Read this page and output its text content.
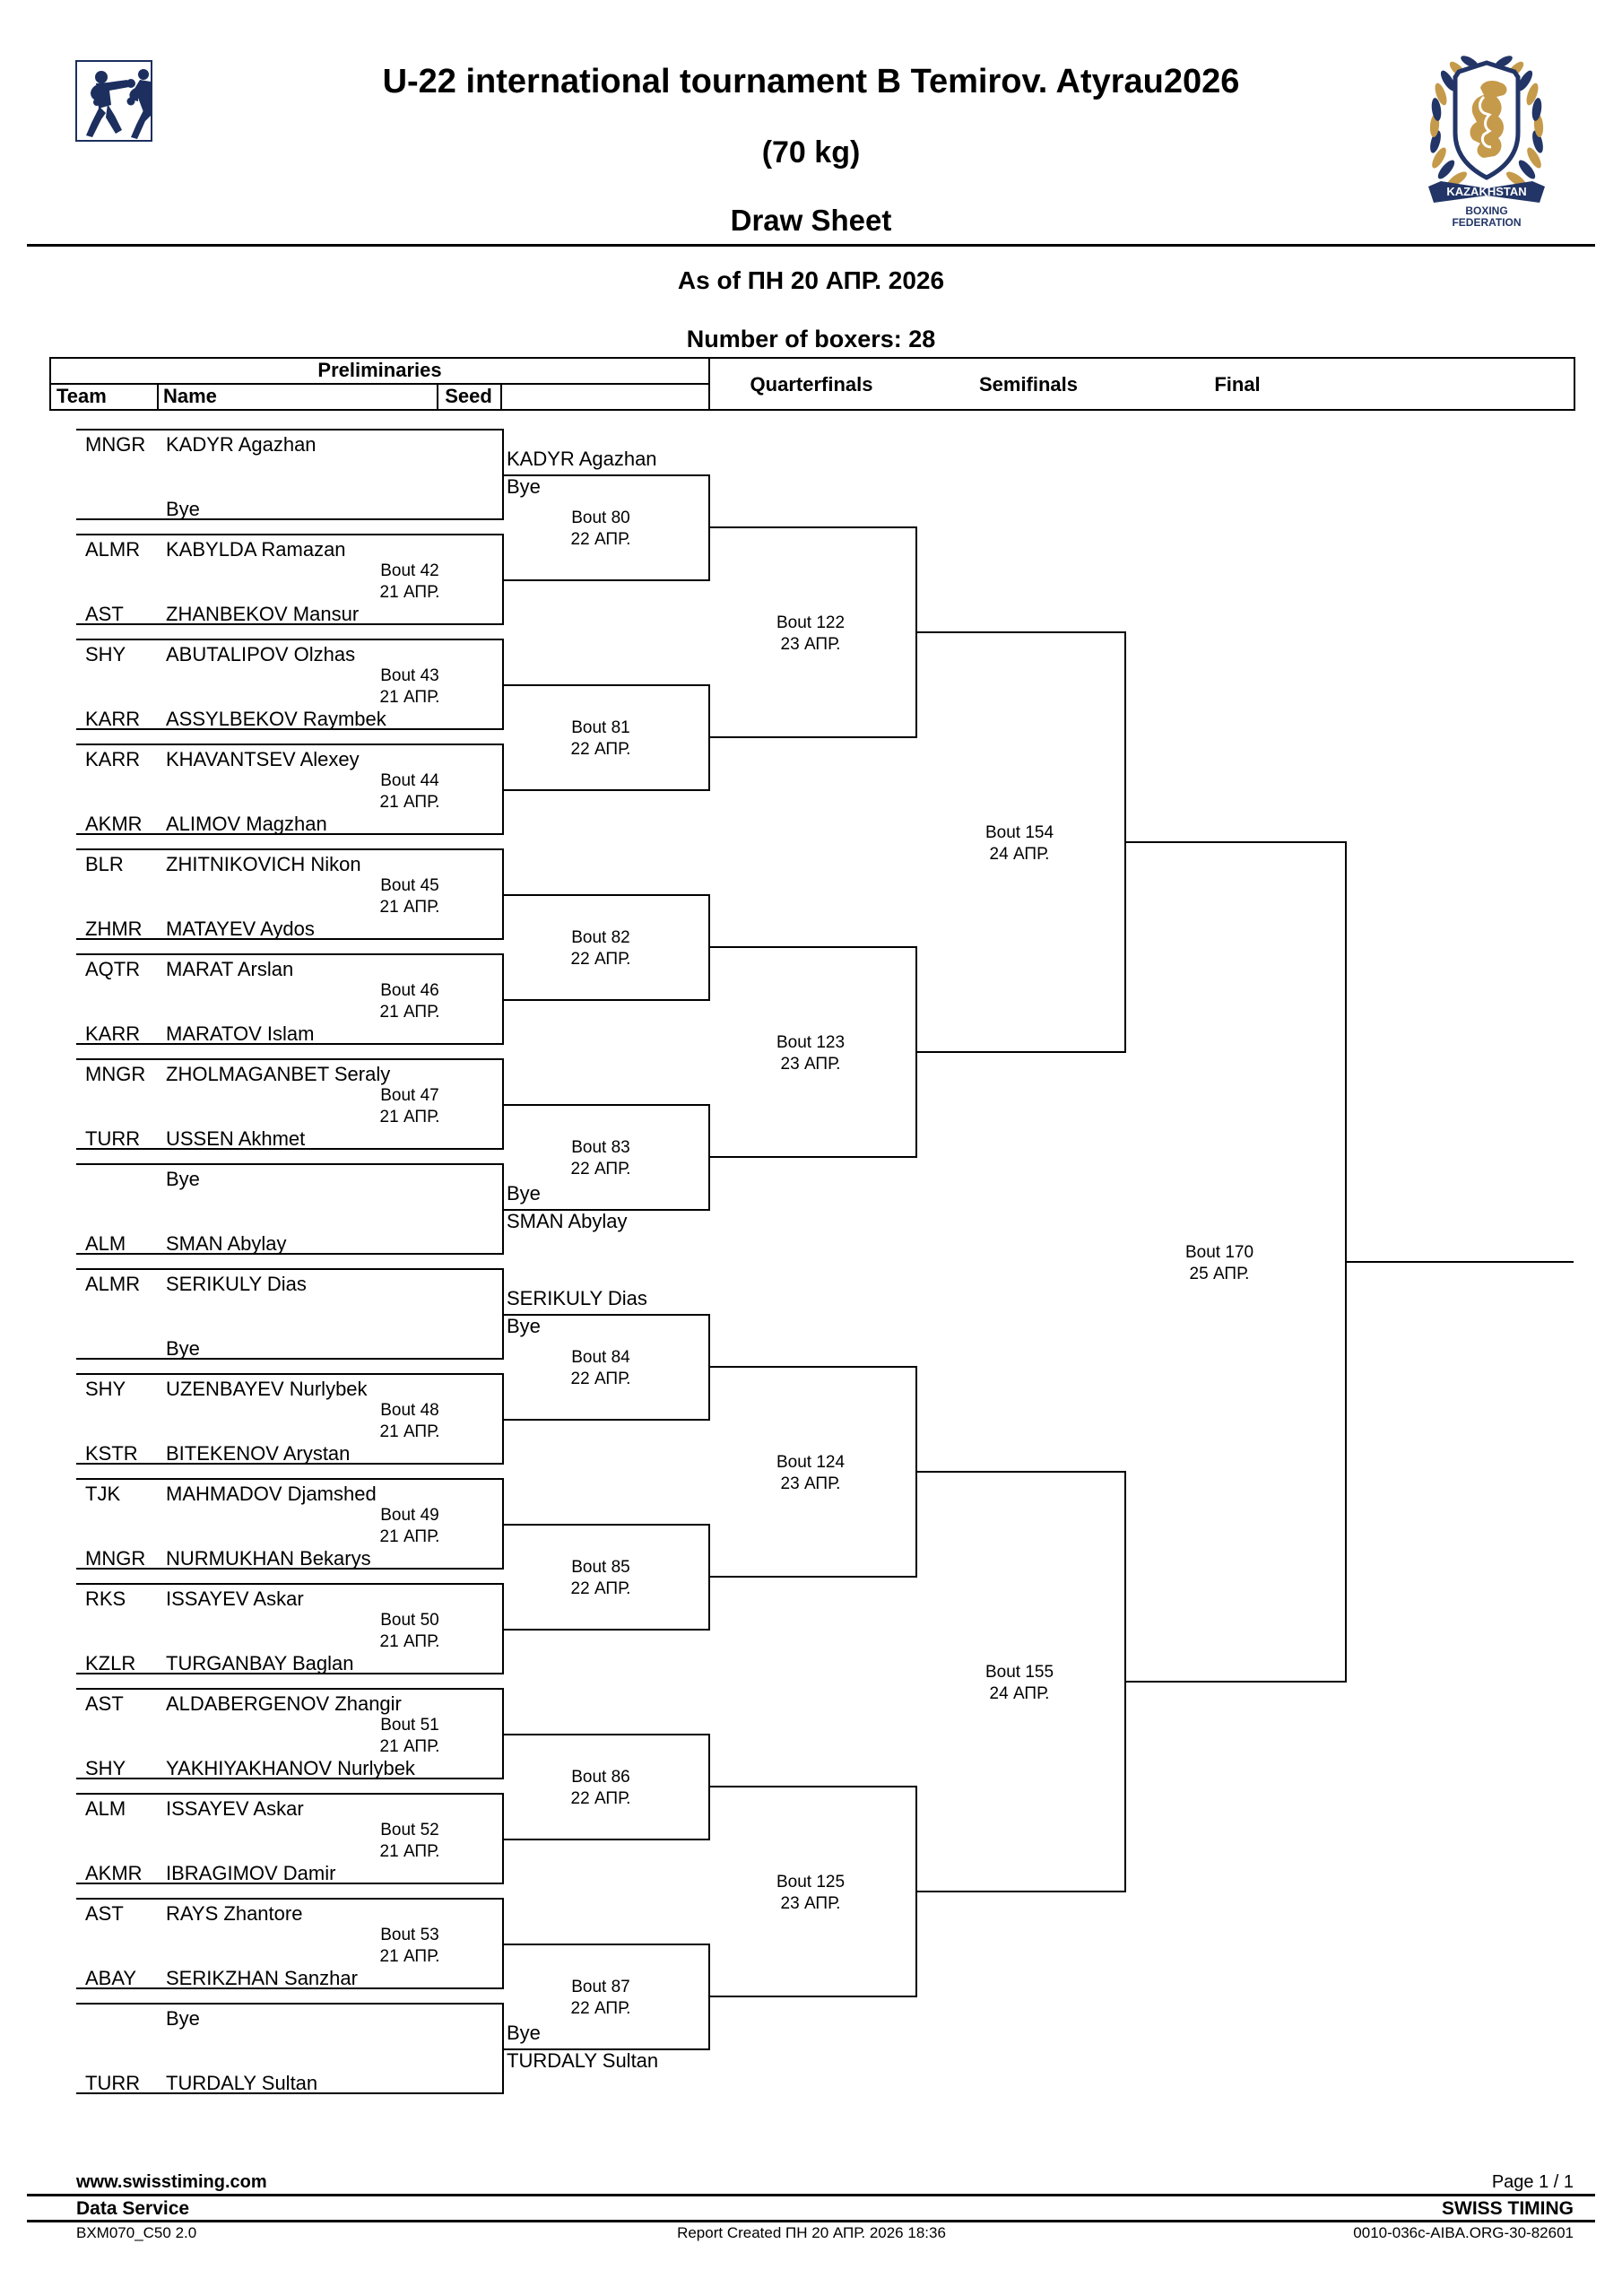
U-22 international tournament B Temirov. Atyrau2026
(70 kg)
Draw Sheet
As of ПН 20 АПР. 2026
Number of boxers: 28
KAZAKHSTAN
BOXING
FEDERATION
Preliminaries
Team	Name	Seed
Quarterfinals	Semifinals	Final
MNGR KADYR Agazhan
Bye
ALMR KABYLDA Ramazan
AST ZHANBEKOV Mansur
Bout 42
21 АПР.
SHY ABUTALIPOV Olzhas
KARR ASSYLBEKOV Raymbek
Bout 43
21 АПР.
KARR KHAVANTSEV Alexey
AKMR ALIMOV Magzhan
Bout 44
21 АПР.
BLR ZHITNIKOVICH Nikon
ZHMR MATAYEV Aydos
Bout 45
21 АПР.
AQTR MARAT Arslan
KARR MARATOV Islam
Bout 46
21 АПР.
MNGR ZHOLMAGANBET Seraly
TURR USSEN Akhmet
Bout 47
21 АПР.
Bye
ALM SMAN Abylay
ALMR SERIKULY Dias
Bye
SHY UZENBAYEV Nurlybek
KSTR BITEKENOV Arystan
Bout 48
21 АПР.
TJK MAHMADOV Djamshed
MNGR NURMUKHAN Bekarys
Bout 49
21 АПР.
RKS ISSAYEV Askar
KZLR TURGANBAY Baglan
Bout 50
21 АПР.
AST ALDABERGENOV Zhangir
SHY YAKHIYAKHANOV Nurlybek
Bout 51
21 АПР.
ALM ISSAYEV Askar
AKMR IBRAGIMOV Damir
Bout 52
21 АПР.
AST RAYS Zhantore
ABAY SERIKZHAN Sanzhar
Bout 53
21 АПР.
Bye
TURR TURDALY Sultan
KADYR Agazhan
Bye
Bout 80
22 АПР.
Bout 81
22 АПР.
Bout 82
22 АПР.
Bout 83
22 АПР.
Bye
SMAN Abylay
SERIKULY Dias
Bye
Bout 84
22 АПР.
Bout 85
22 АПР.
Bout 86
22 АПР.
Bout 87
22 АПР.
Bye
TURDALY Sultan
Bout 122
23 АПР.
Bout 123
23 АПР.
Bout 124
23 АПР.
Bout 125
23 АПР.
Bout 154
24 АПР.
Bout 155
24 АПР.
Bout 170
25 АПР.
www.swisstiming.com	Page 1 / 1
Data Service	SWISS TIMING
BXM070_C50 2.0	Report Created ПН 20 АПР. 2026 18:36	0010-036c-AIBA.ORG-30-82601
